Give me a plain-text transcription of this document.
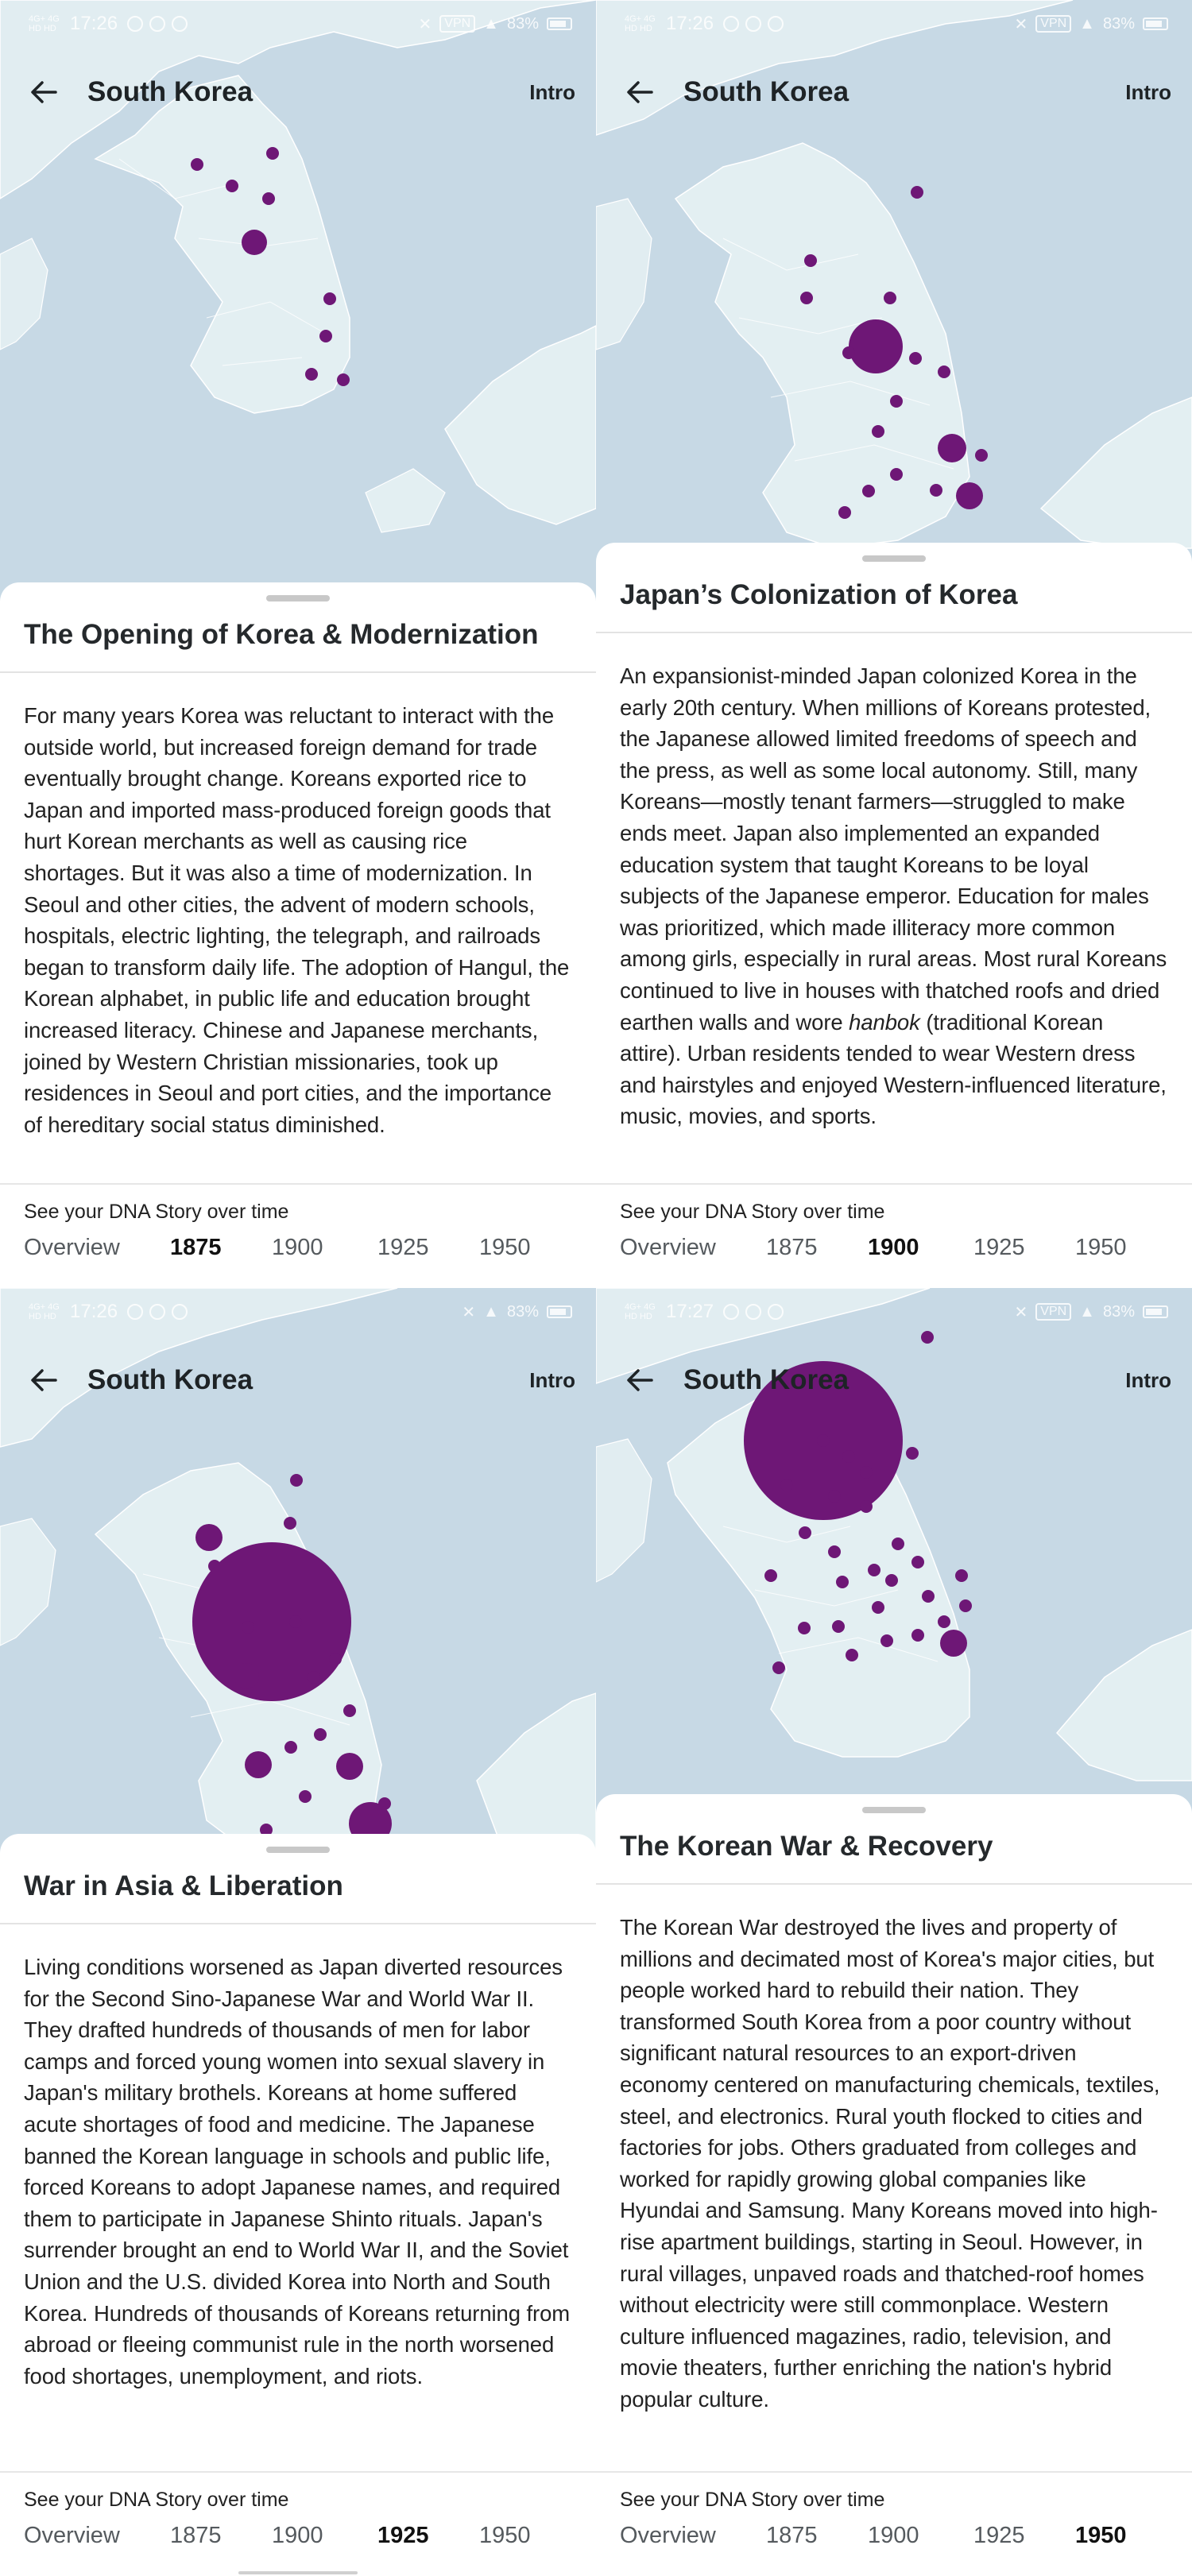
4G+ 4G
HD HD 17:26	✕	VPN ▲ 83%
South Korea	Intro
The Opening of Korea & Modernization
For many years Korea was reluctant to interact with the outside world, but increased foreign demand for trade eventually brought change. Koreans exported rice to Japan and imported mass-produced foreign goods that hurt Korean merchants as well as causing rice shortages. But it was also a time of modernization. In Seoul and other cities, the advent of modern schools, hospitals, electric lighting, the telegraph, and railroads began to transform daily life. The adoption of Hangul, the Korean alphabet, in public life and education brought increased literacy. Chinese and Japanese merchants, joined by Western Christian missionaries, took up residences in Seoul and port cities, and the importance of hereditary social status diminished.
See your DNA Story over time
Overview	1875	1900	1925	1950
4G+ 4G
HD HD 17:26	✕	VPN ▲ 83%
South Korea	Intro
Japan’s Colonization of Korea
An expansionist-minded Japan colonized Korea in the early 20th century. When millions of Koreans protested, the Japanese allowed limited freedoms of speech and the press, as well as some local autonomy. Still, many Koreans—mostly tenant farmers—struggled to make ends meet. Japan also implemented an expanded education system that taught Koreans to be loyal subjects of the Japanese emperor. Education for males was prioritized, which made illiteracy more common among girls, especially in rural areas. Most rural Koreans continued to live in houses with thatched roofs and dried earthen walls and wore hanbok (traditional Korean attire). Urban residents tended to wear Western dress and hairstyles and enjoyed Western-influenced literature, music, movies, and sports.
See your DNA Story over time
Overview	1875	1900	1925	1950
4G+ 4G
HD HD 17:26	✕ ▲ 83%
South Korea	Intro
War in Asia & Liberation
Living conditions worsened as Japan diverted resources for the Second Sino-Japanese War and World War II. They drafted hundreds of thousands of men for labor camps and forced young women into sexual slavery in Japan's military brothels. Koreans at home suffered acute shortages of food and medicine. The Japanese banned the Korean language in schools and public life, forced Koreans to adopt Japanese names, and required them to participate in Japanese Shinto rituals. Japan's surrender brought an end to World War II, and the Soviet Union and the U.S. divided Korea into North and South Korea. Hundreds of thousands of Koreans returning from abroad or fleeing communist rule in the north worsened food shortages, unemployment, and riots.
See your DNA Story over time
Overview	1875	1900	1925	1950
4G+ 4G
HD HD 17:27	✕	VPN ▲ 83%
South Korea	Intro
The Korean War & Recovery
The Korean War destroyed the lives and property of millions and decimated most of Korea's major cities, but people worked hard to rebuild their nation. They transformed South Korea from a poor country without significant natural resources to an export-driven economy centered on manufacturing chemicals, textiles, steel, and electronics. Rural youth flocked to cities and factories for jobs. Others graduated from colleges and worked for rapidly growing global companies like Hyundai and Samsung. Many Koreans moved into high-rise apartment buildings, starting in Seoul. However, in rural villages, unpaved roads and thatched-roof homes without electricity were still commonplace. Western culture influenced magazines, radio, television, and movie theaters, further enriching the nation's hybrid popular culture.
See your DNA Story over time
Overview	1875	1900	1925	1950
